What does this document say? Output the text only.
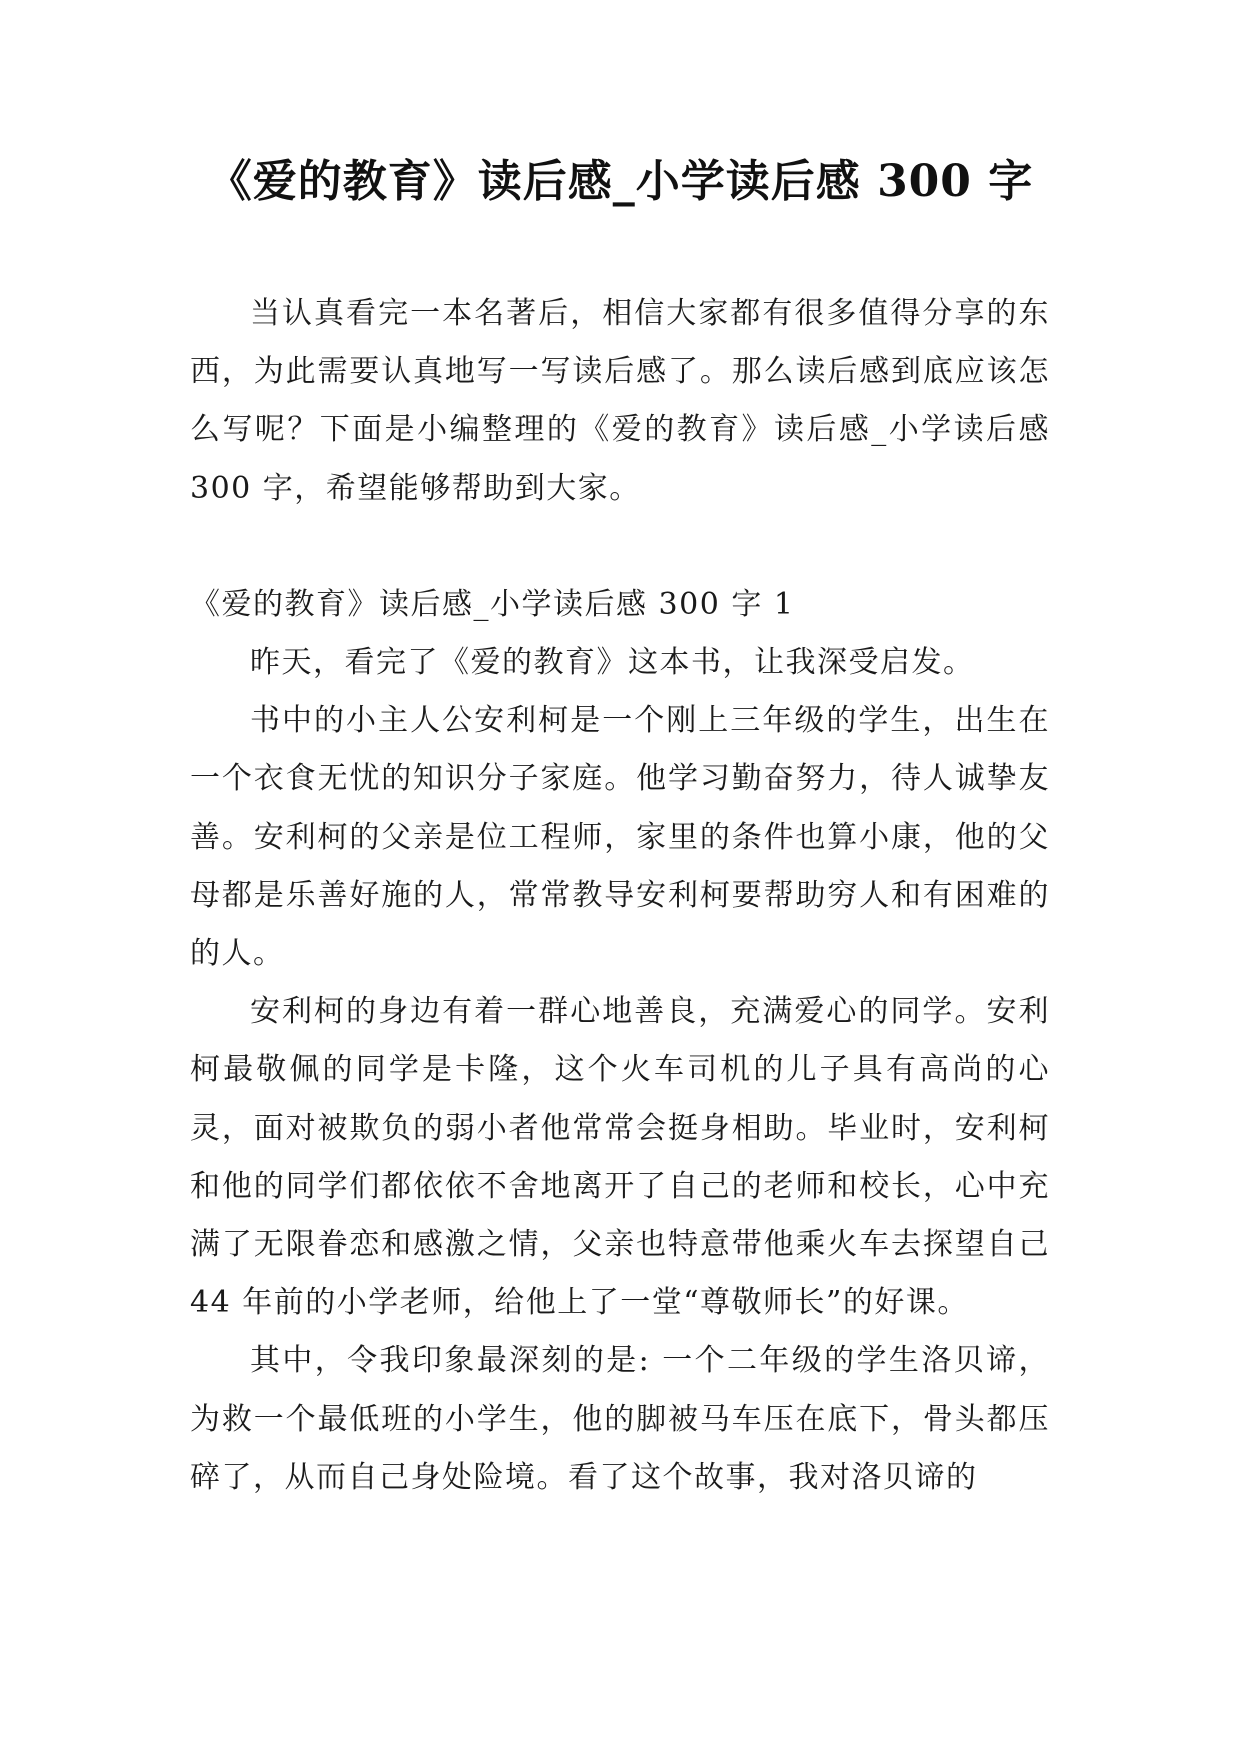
《爱的教育》读后感_小学读后感 300 字

当认真看完一本名著后，相信大家都有很多值得分享的东西，为此需要认真地写一写读后感了。那么读后感到底应该怎么写呢？下面是小编整理的《爱的教育》读后感_小学读后感 300 字，希望能够帮助到大家。

《爱的教育》读后感_小学读后感 300 字 1

昨天，看完了《爱的教育》这本书，让我深受启发。

书中的小主人公安利柯是一个刚上三年级的学生，出生在一个衣食无忧的知识分子家庭。他学习勤奋努力，待人诚挚友善。安利柯的父亲是位工程师，家里的条件也算小康，他的父母都是乐善好施的人，常常教导安利柯要帮助穷人和有困难的的人。

安利柯的身边有着一群心地善良，充满爱心的同学。安利柯最敬佩的同学是卡隆，这个火车司机的儿子具有高尚的心灵，面对被欺负的弱小者他常常会挺身相助。毕业时，安利柯和他的同学们都依依不舍地离开了自己的老师和校长，心中充满了无限眷恋和感激之情，父亲也特意带他乘火车去探望自己 44 年前的小学老师，给他上了一堂“尊敬师长”的好课。

其中，令我印象最深刻的是: 一个二年级的学生洛贝谛，为救一个最低班的小学生，他的脚被马车压在底下，骨头都压碎了，从而自己身处险境。看了这个故事，我对洛贝谛的
